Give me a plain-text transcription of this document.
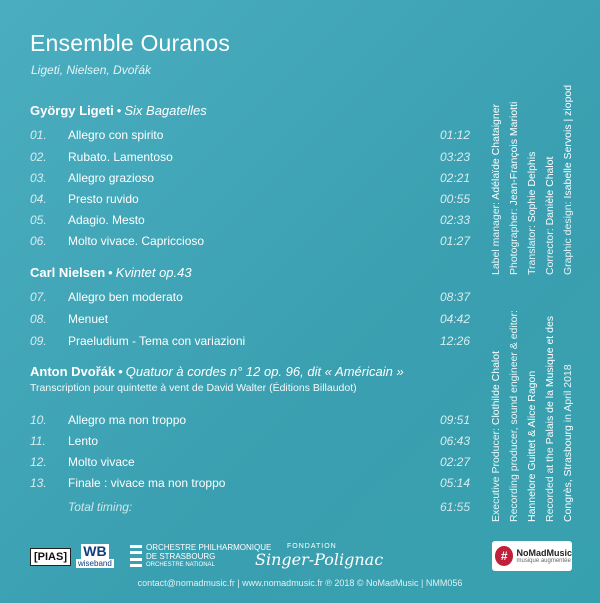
Ensemble Ouranos
Ligeti, Nielsen, Dvořák
György Ligeti • Six Bagatelles
01.	Allegro con spirito	01:12
02.	Rubato. Lamentoso	03:23
03.	Allegro grazioso	02:21
04.	Presto ruvido	00:55
05.	Adagio. Mesto	02:33
06.	Molto vivace. Capriccioso	01:27
Carl Nielsen • Kvintet op.43
07.	Allegro ben moderato	08:37
08.	Menuet	04:42
09.	Praeludium - Tema con variazioni	12:26
Anton Dvořák • Quatuor à cordes n° 12 op. 96, dit « Américain »
Transcription pour quintette à vent de David Walter (Éditions Billaudot)
10.	Allegro ma non troppo	09:51
11.	Lento	06:43
12.	Molto vivace	02:27
13.	Finale : vivace ma non troppo	05:14
Total timing:	61:55
Label manager: Adélaïde Chataigner
Photographer: Jean-François Mariotti
Translator: Sophie Delphis
Corrector: Danièle Chalot
Graphic design: Isabelle Servois | ziopod
Executive Producer: Clothilde Chalot Recording producer, sound engineer & editor: Hannelore Guittet & Alice Ragon Recorded at the Palais de la Musique et des
Congrès, Strasbourg in April 2018
[PIAS] WB
wiseband
ORCHESTRE PHILHARMONIQUE
DE STRASBOURG
ORCHESTRE NATIONAL
FONDATION
Singer-Polignac	# NoMadMusic
musique augmentée
contact@nomadmusic.fr | www.nomadmusic.fr ℗ 2018 © NoMadMusic | NMM056
